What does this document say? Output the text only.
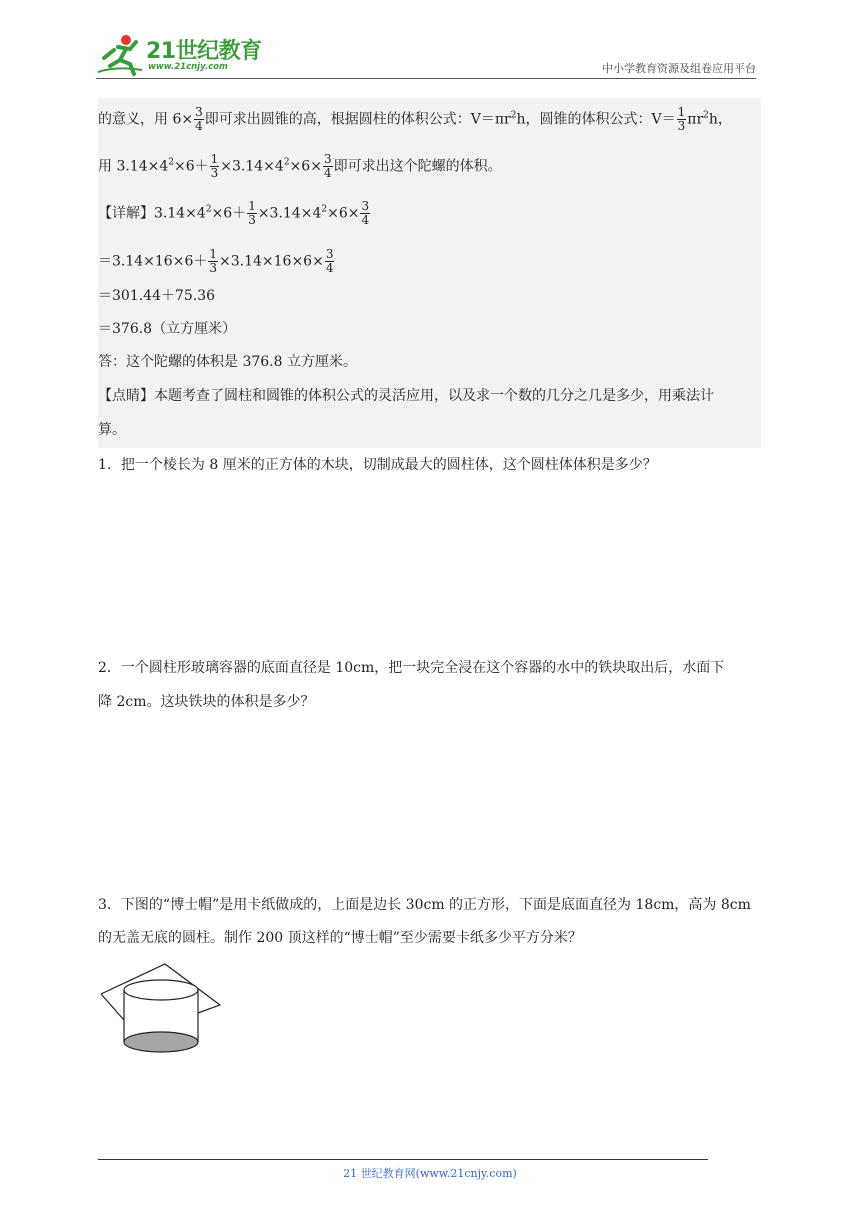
21世纪教育
www.21cnjy.com	中小学教育资源及组卷应用平台
的意义，用 $6\times \frac{3}{4}$ 即可求出圆锥的高，根据圆柱的体积公式：$V=\pi r^2h$，圆锥的体积公式：$V= \frac{1}{3} \pi r^2h$，
用 $3.14\times 4^2\times 6+ \frac{1}{3} \times 3.14\times 4^2\times 6\times \frac{3}{4}$ 即可求出这个陀螺的体积。
【详解】$3.14\times 4^2\times 6+ \frac{1}{3} \times 3.14\times 4^2\times 6\times \frac{3}{4}$
$=3.14\times 16\times 6+ \frac{1}{3} \times 3.14\times 16\times 6\times \frac{3}{4}$
＝301.44＋75.36
＝376.8（立方厘米）
答：这个陀螺的体积是 376.8 立方厘米。
【点睛】本题考查了圆柱和圆锥的体积公式的灵活应用，以及求一个数的几分之几是多少，用乘法计
算。
1．把一个棱长为 8 厘米的正方体的木块，切制成最大的圆柱体，这个圆柱体体积是多少？
2．一个圆柱形玻璃容器的底面直径是 10cm，把一块完全浸在这个容器的水中的铁块取出后，水面下
降 2cm。这块铁块的体积是多少？
3．下图的“博士帽”是用卡纸做成的，上面是边长 30cm 的正方形，下面是底面直径为 18cm，高为 8cm
的无盖无底的圆柱。制作 200 顶这样的“博士帽”至少需要卡纸多少平方分米？
21 世纪教育网(www.21cnjy.com)
